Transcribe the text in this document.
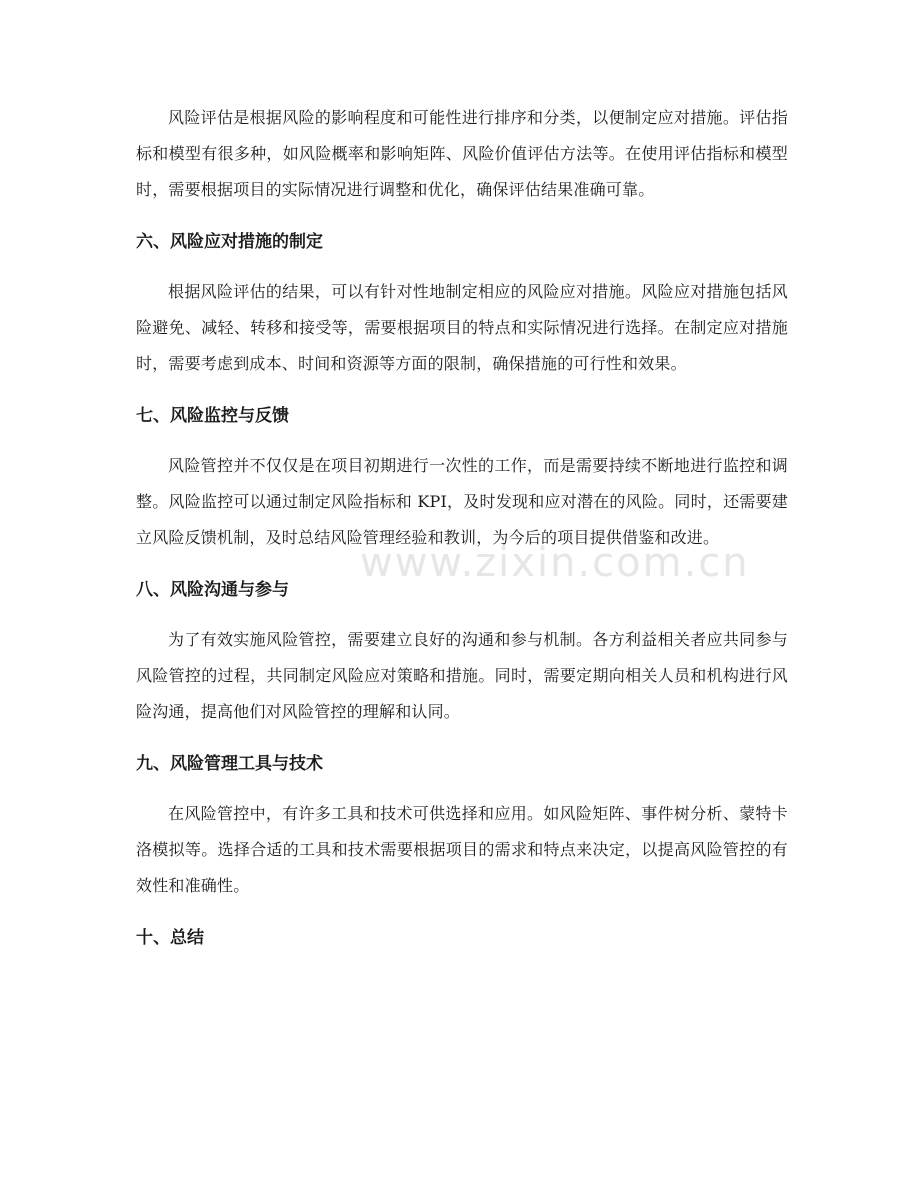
www.zixin.com.cn

风险评估是根据风险的影响程度和可能性进行排序和分类，以便制定应对措施。评估指标和模型有很多种，如风险概率和影响矩阵、风险价值评估方法等。在使用评估指标和模型时，需要根据项目的实际情况进行调整和优化，确保评估结果准确可靠。

六、风险应对措施的制定

根据风险评估的结果，可以有针对性地制定相应的风险应对措施。风险应对措施包括风险避免、减轻、转移和接受等，需要根据项目的特点和实际情况进行选择。在制定应对措施时，需要考虑到成本、时间和资源等方面的限制，确保措施的可行性和效果。

七、风险监控与反馈

风险管控并不仅仅是在项目初期进行一次性的工作，而是需要持续不断地进行监控和调整。风险监控可以通过制定风险指标和 KPI，及时发现和应对潜在的风险。同时，还需要建立风险反馈机制，及时总结风险管理经验和教训，为今后的项目提供借鉴和改进。

八、风险沟通与参与

为了有效实施风险管控，需要建立良好的沟通和参与机制。各方利益相关者应共同参与风险管控的过程，共同制定风险应对策略和措施。同时，需要定期向相关人员和机构进行风险沟通，提高他们对风险管控的理解和认同。

九、风险管理工具与技术

在风险管控中，有许多工具和技术可供选择和应用。如风险矩阵、事件树分析、蒙特卡洛模拟等。选择合适的工具和技术需要根据项目的需求和特点来决定，以提高风险管控的有效性和准确性。

十、总结
